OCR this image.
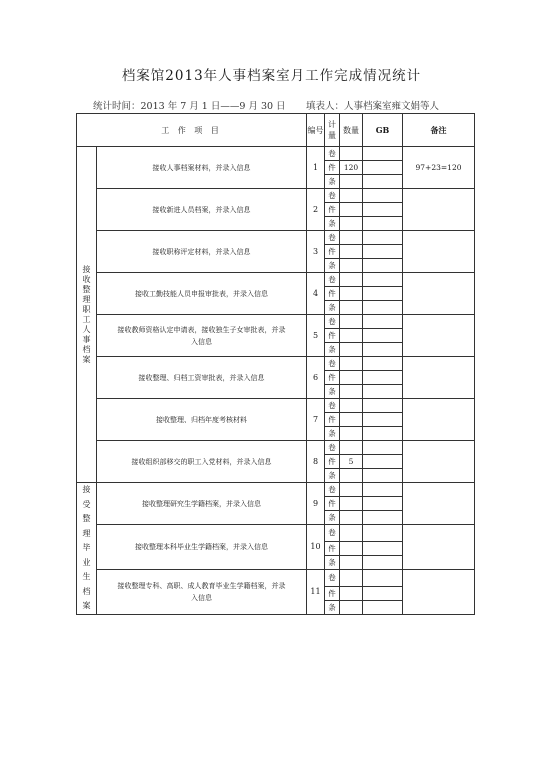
档案馆2013年人事档案室月工作完成情况统计
统计时间：2013 年 7 月 1 日——9 月 30 日 填表人：人事档案室雍文娟等人
工 作 项 目		编号	计量	数量	GB	备注
接收整理职工人事档案	接收人事档案材料，并录入信息	1	卷			97+23=120
			件	120		
			条			
	接收新进人员档案，并录入信息	2	卷			
			件			
			条			
	接收职称评定材料，并录入信息	3	卷			
			件			
			条			
	接收工勤技能人员申报审批表，并录入信息	4	卷			
			件			
			条			
	接收教师资格认定申请表，接收独生子女审批表，并录入信息	5	卷			
			件			
			条			
	接收整理、归档工资审批表，并录入信息	6	卷			
			件			
			条			
	接收整理、归档年度考核材料	7	卷			
			件			
			条			
	接收组织部移交的职工入党材料，并录入信息	8	卷			
			件	5		
			条			
接受整理毕业生档案	接收整理研究生学籍档案，并录入信息	9	卷			
			件			
			条			
	接收整理本科毕业生学籍档案，并录入信息	10	卷			
			件			
			条			
	接收整理专科、高职、成人教育毕业生学籍档案，并录入信息	11	卷			
			件			
			条			
